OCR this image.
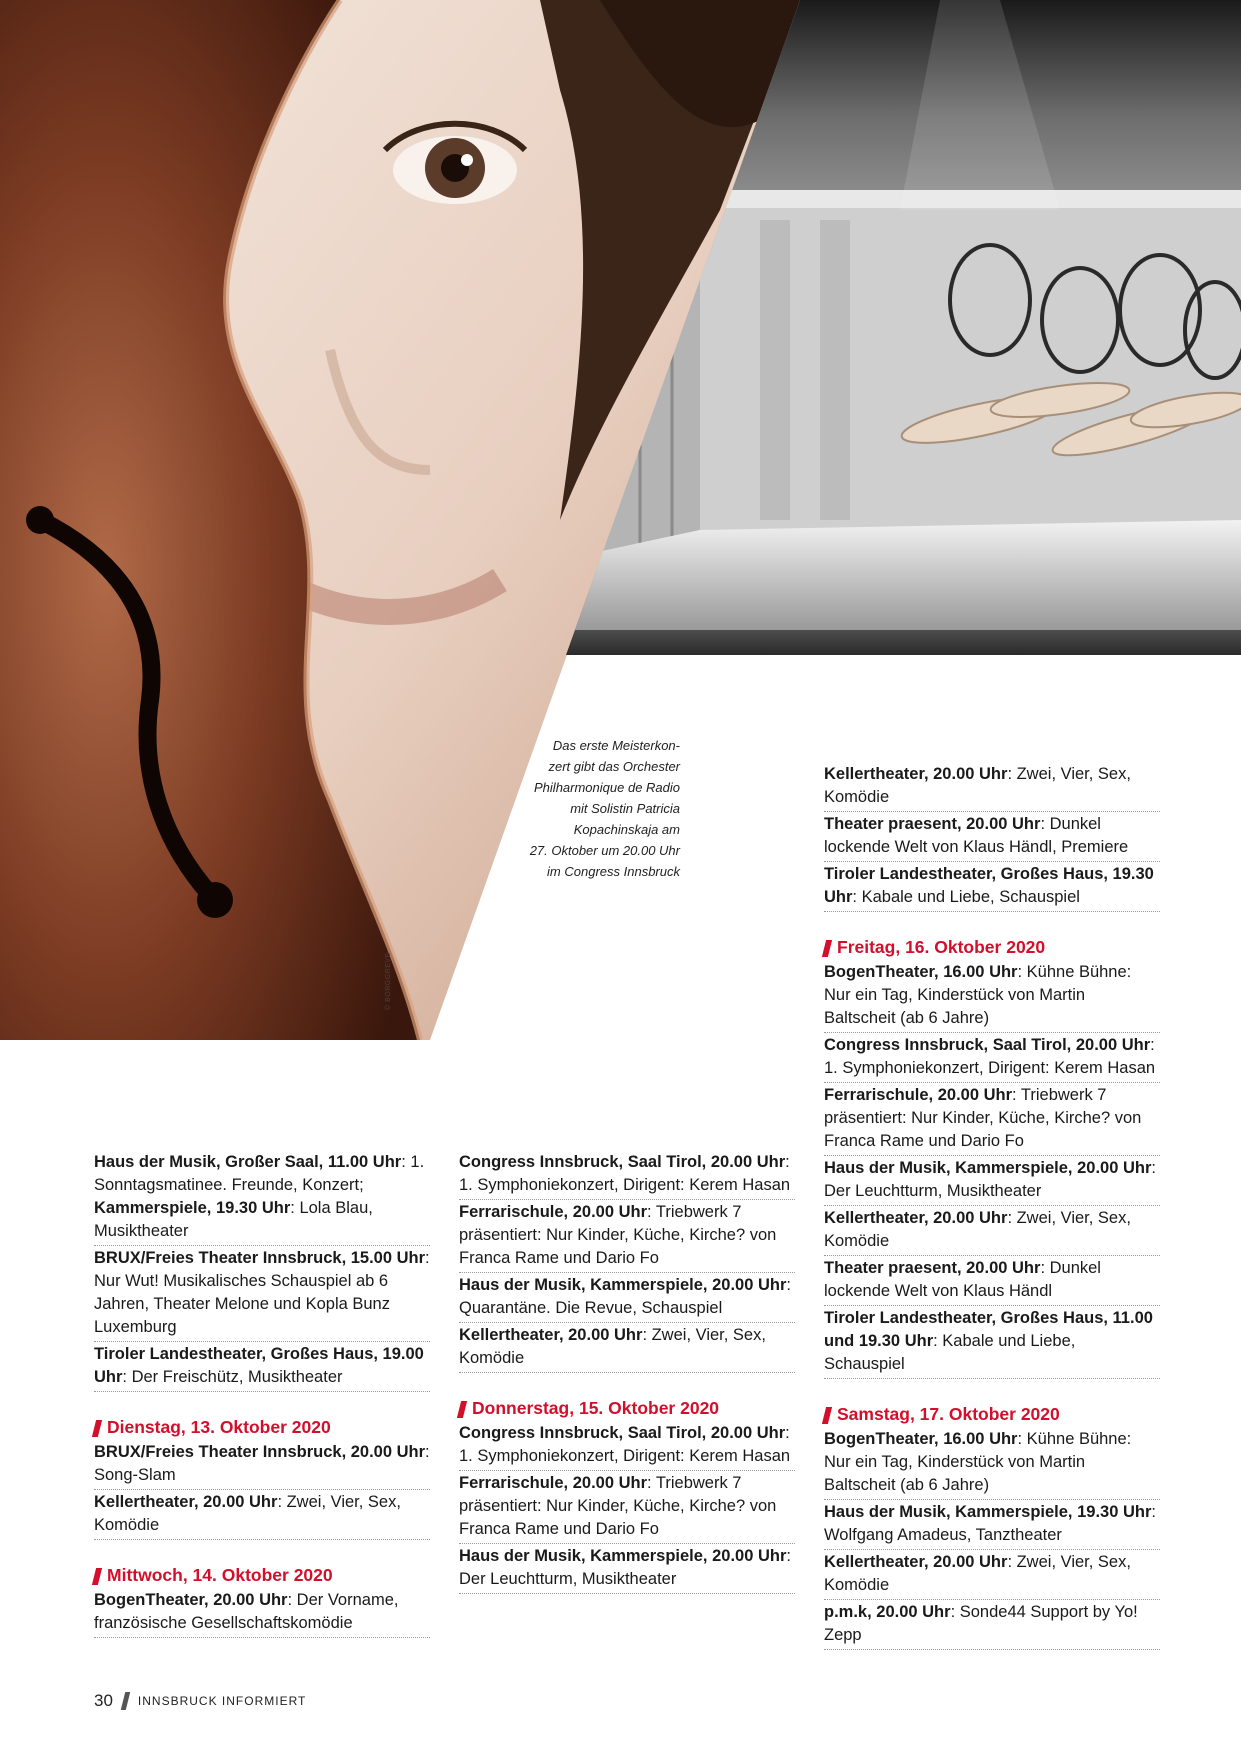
Das erste Meisterkon-
zert gibt das Orchester
Philharmonique de Radio
mit Solistin Patricia
Kopachinskaja am
27. Oktober um 20.00 Uhr
im Congress Innsbruck
© BORGGREVE
Haus der Musik, Großer Saal, 11.00 Uhr: 1. Sonntagsmatinee. Freunde, Konzert; Kammerspiele, 19.30 Uhr: Lola Blau, Musiktheater
BRUX/Freies Theater Innsbruck, 15.00 Uhr: Nur Wut! Musikalisches Schauspiel ab 6 Jahren, Theater Melone und Kopla Bunz Luxemburg
Tiroler Landestheater, Großes Haus, 19.00 Uhr: Der Freischütz, Musiktheater
Dienstag, 13. Oktober 2020
BRUX/Freies Theater Innsbruck, 20.00 Uhr: Song-Slam
Kellertheater, 20.00 Uhr: Zwei, Vier, Sex, Komödie
Mittwoch, 14. Oktober 2020
BogenTheater, 20.00 Uhr: Der Vorname, französische Gesellschaftskomödie
Congress Innsbruck, Saal Tirol, 20.00 Uhr: 1. Symphoniekonzert, Dirigent: Kerem Hasan
Ferrarischule, 20.00 Uhr: Triebwerk 7 präsentiert: Nur Kinder, Küche, Kirche? von Franca Rame und Dario Fo
Haus der Musik, Kammerspiele, 20.00 Uhr: Quarantäne. Die Revue, Schauspiel
Kellertheater, 20.00 Uhr: Zwei, Vier, Sex, Komödie
Donnerstag, 15. Oktober 2020
Congress Innsbruck, Saal Tirol, 20.00 Uhr: 1. Symphoniekonzert, Dirigent: Kerem Hasan
Ferrarischule, 20.00 Uhr: Triebwerk 7 präsentiert: Nur Kinder, Küche, Kirche? von Franca Rame und Dario Fo
Haus der Musik, Kammerspiele, 20.00 Uhr: Der Leuchtturm, Musiktheater
Kellertheater, 20.00 Uhr: Zwei, Vier, Sex, Komödie
Theater praesent, 20.00 Uhr: Dunkel lockende Welt von Klaus Händl, Premiere
Tiroler Landestheater, Großes Haus, 19.30 Uhr: Kabale und Liebe, Schauspiel
Freitag, 16. Oktober 2020
BogenTheater, 16.00 Uhr: Kühne Bühne: Nur ein Tag, Kinderstück von Martin Baltscheit (ab 6 Jahre)
Congress Innsbruck, Saal Tirol, 20.00 Uhr: 1. Symphoniekonzert, Dirigent: Kerem Hasan
Ferrarischule, 20.00 Uhr: Triebwerk 7 präsentiert: Nur Kinder, Küche, Kirche? von Franca Rame und Dario Fo
Haus der Musik, Kammerspiele, 20.00 Uhr: Der Leuchtturm, Musiktheater
Kellertheater, 20.00 Uhr: Zwei, Vier, Sex, Komödie
Theater praesent, 20.00 Uhr: Dunkel lockende Welt von Klaus Händl
Tiroler Landestheater, Großes Haus, 11.00 und 19.30 Uhr: Kabale und Liebe, Schauspiel
Samstag, 17. Oktober 2020
BogenTheater, 16.00 Uhr: Kühne Bühne: Nur ein Tag, Kinderstück von Martin Baltscheit (ab 6 Jahre)
Haus der Musik, Kammerspiele, 19.30 Uhr: Wolfgang Amadeus, Tanztheater
Kellertheater, 20.00 Uhr: Zwei, Vier, Sex, Komödie
p.m.k, 20.00 Uhr: Sonde44 Support by Yo! Zepp
30 INNSBRUCK INFORMIERT
